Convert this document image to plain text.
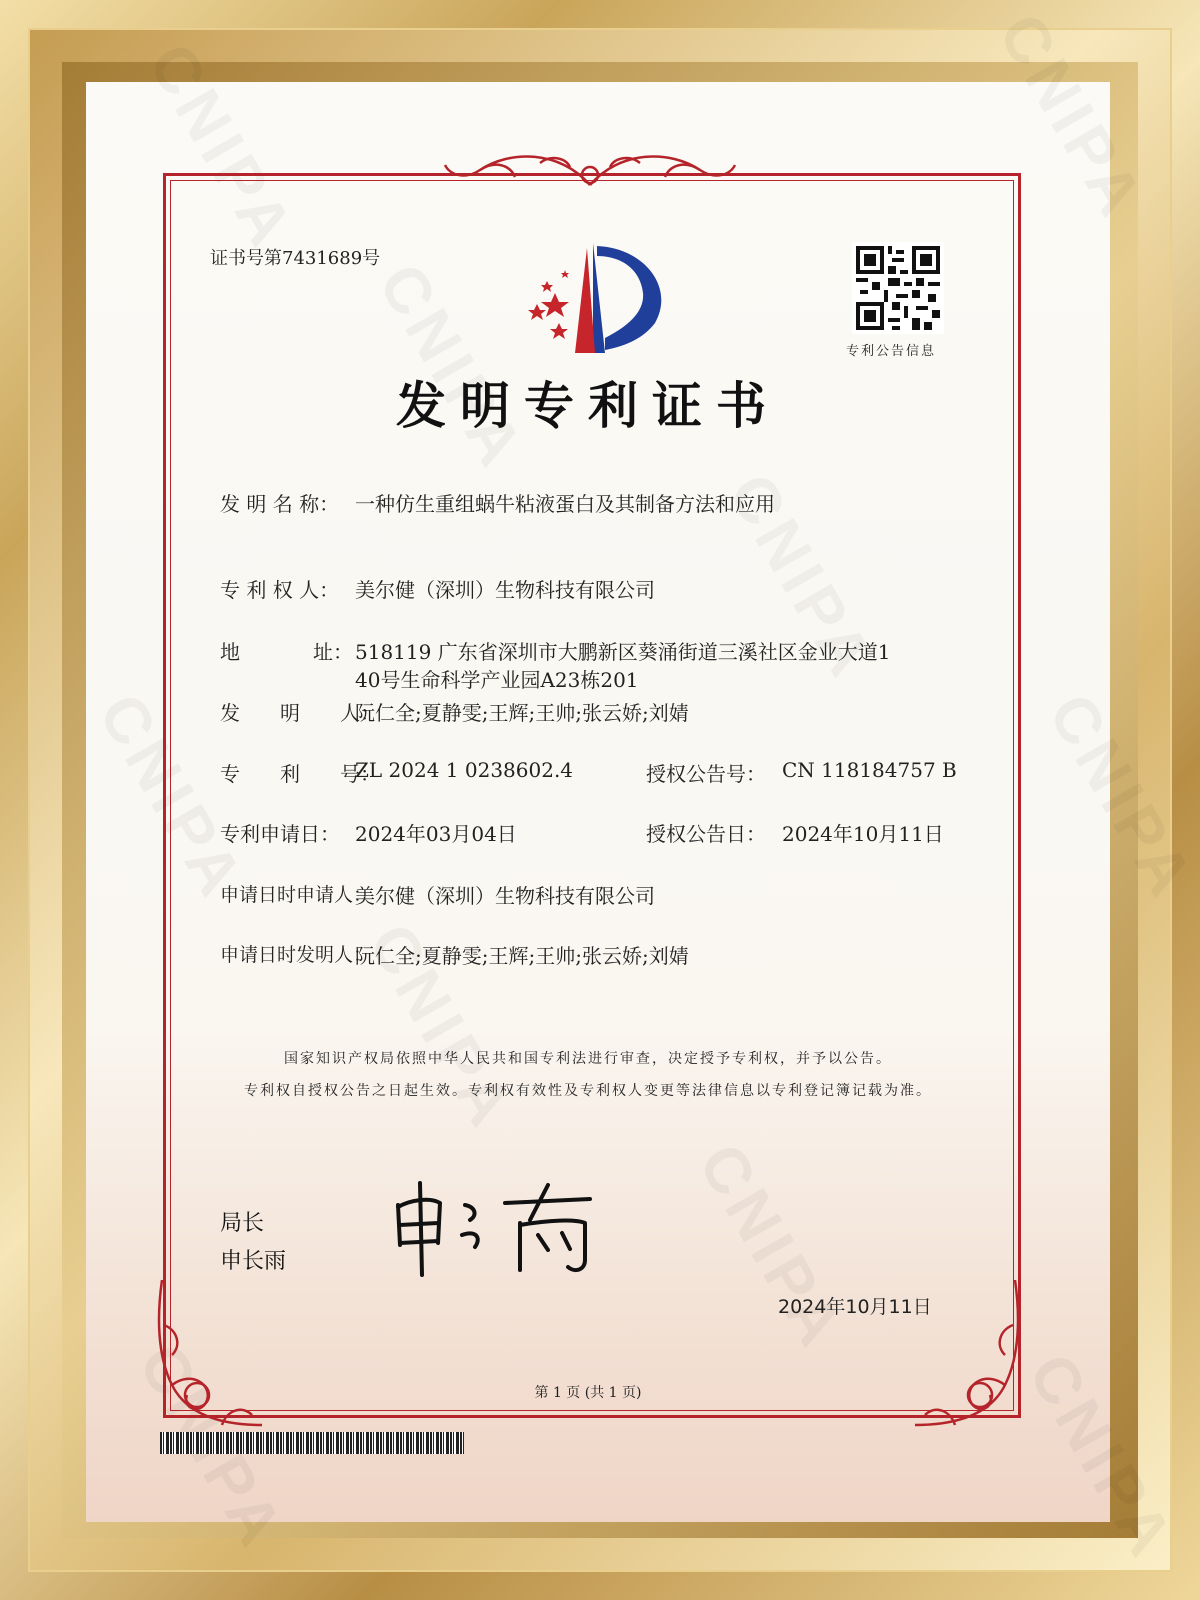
证书号第7431689号
专利公告信息
发明专利证书
发 明 名 称： 一种仿生重组蜗牛粘液蛋白及其制备方法和应用
专 利 权 人： 美尔健（深圳）生物科技有限公司
地	址： 518119 广东省深圳市大鹏新区葵涌街道三溪社区金业大道1
40号生命科学产业园A23栋201
发　　明　　人：
阮仁全;夏静雯;王辉;王帅;张云娇;刘婧
专　　利　　号：
ZL 2024 1 0238602.4	授权公告号： CN 118184757 B
专利申请日： 2024年03月04日	授权公告日： 2024年10月11日
申请日时申请人：
美尔健（深圳）生物科技有限公司
申请日时发明人：
阮仁全;夏静雯;王辉;王帅;张云娇;刘婧
国家知识产权局依照中华人民共和国专利法进行审查，决定授予专利权，并予以公告。
专利权自授权公告之日起生效。专利权有效性及专利权人变更等法律信息以专利登记簿记载为准。
局长
申长雨
2024年10月11日
第 1 页 (共 1 页)
